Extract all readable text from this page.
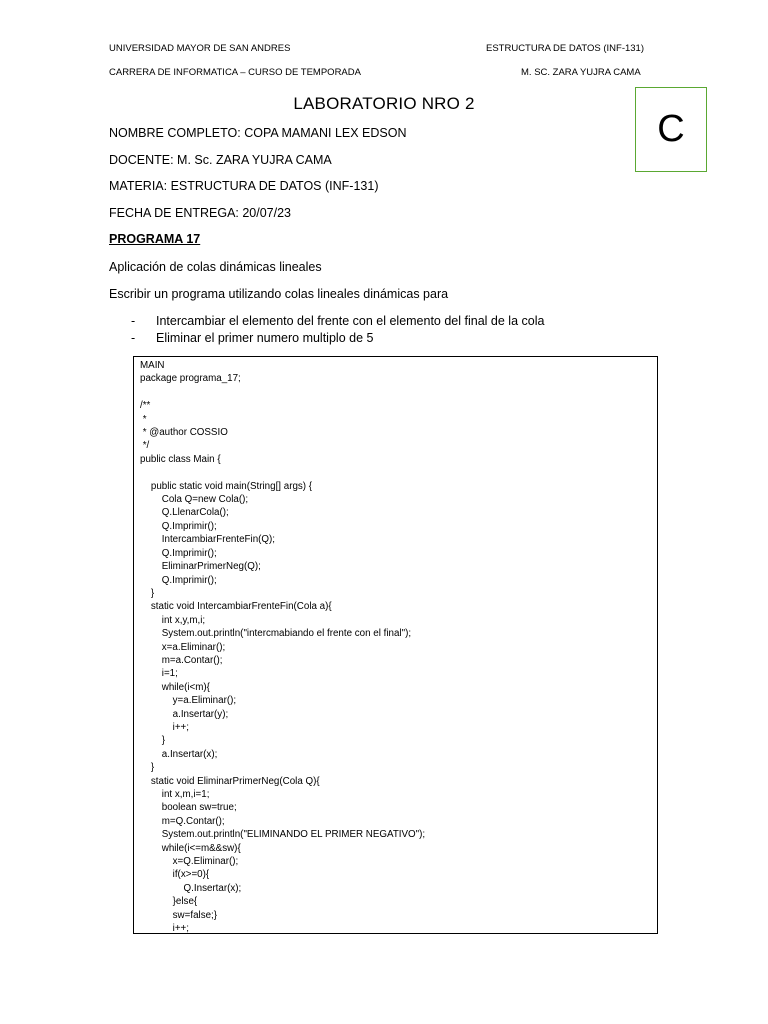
UNIVERSIDAD MAYOR DE SAN ANDRES	ESTRUCTURA DE DATOS (INF-131)
CARRERA DE INFORMATICA – CURSO DE TEMPORADA	M. SC. ZARA YUJRA CAMA
LABORATORIO NRO 2
C
NOMBRE COMPLETO: COPA MAMANI LEX EDSON
DOCENTE: M. Sc. ZARA YUJRA CAMA
MATERIA: ESTRUCTURA DE DATOS (INF-131)
FECHA DE ENTREGA: 20/07/23
PROGRAMA 17
Aplicación de colas dinámicas lineales
Escribir un programa utilizando colas lineales dinámicas para
- Intercambiar el elemento del frente con el elemento del final de la cola
- Eliminar el primer numero multiplo de 5
MAIN
package programa_17;

/**
*
* @author COSSIO
*/
public class Main {

public static void main(String[] args) {
Cola Q=new Cola();
Q.LlenarCola();
Q.Imprimir();
IntercambiarFrenteFin(Q);
Q.Imprimir();
EliminarPrimerNeg(Q);
Q.Imprimir();
}
static void IntercambiarFrenteFin(Cola a){
int x,y,m,i;
System.out.println("intercmabiando el frente con el final");
x=a.Eliminar();
m=a.Contar();
i=1;
while(i<m){
y=a.Eliminar();
a.Insertar(y);
i++;
}
a.Insertar(x);
}
static void EliminarPrimerNeg(Cola Q){
int x,m,i=1;
boolean sw=true;
m=Q.Contar();
System.out.println("ELIMINANDO EL PRIMER NEGATIVO");
while(i<=m&&sw){
x=Q.Eliminar();
if(x>=0){
Q.Insertar(x);
}else{
sw=false;}
i++;
